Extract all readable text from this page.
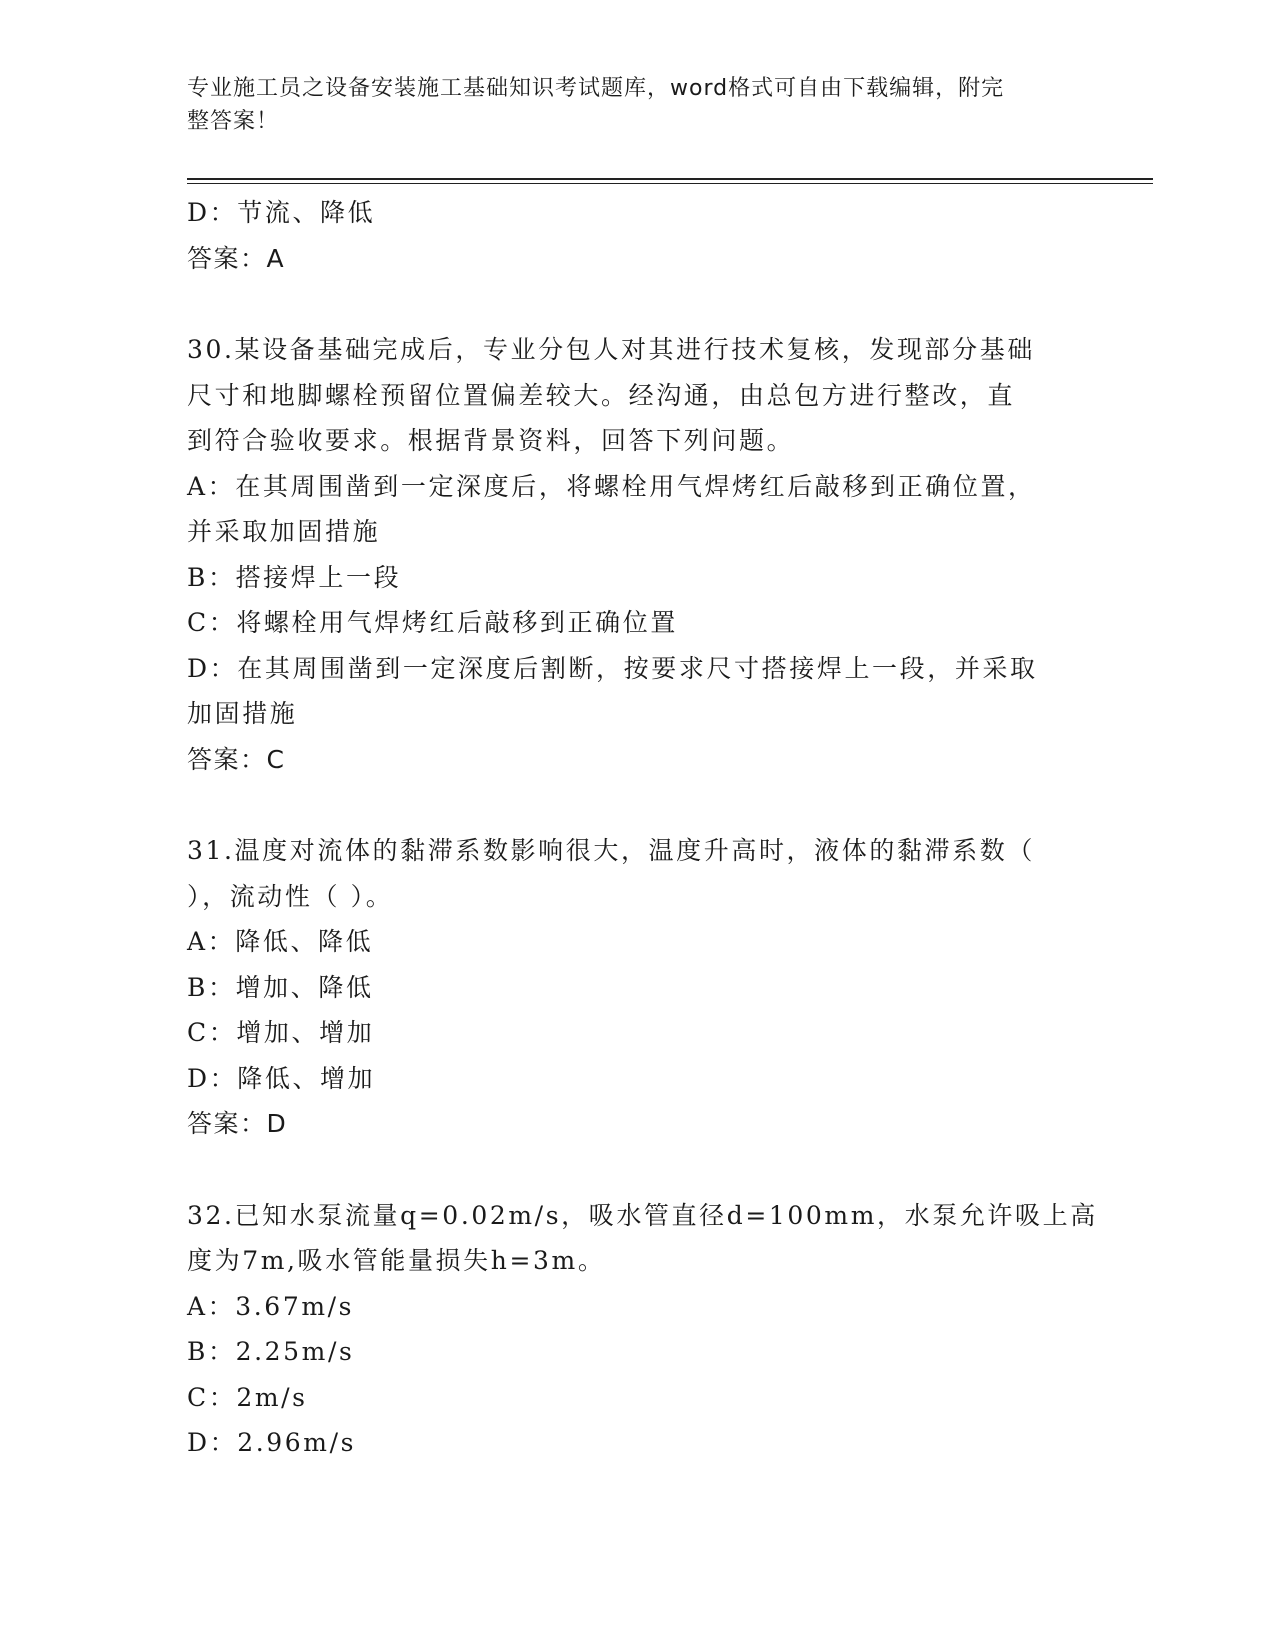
专业施工员之设备安装施工基础知识考试题库，word格式可自由下载编辑，附完
整答案！
D：节流、降低
答案：A
30.某设备基础完成后，专业分包人对其进行技术复核，发现部分基础
尺寸和地脚螺栓预留位置偏差较大。经沟通，由总包方进行整改，直
到符合验收要求。根据背景资料，回答下列问题。
A：在其周围凿到一定深度后，将螺栓用气焊烤红后敲移到正确位置，
并采取加固措施
B：搭接焊上一段
C：将螺栓用气焊烤红后敲移到正确位置
D：在其周围凿到一定深度后割断，按要求尺寸搭接焊上一段，并采取
加固措施
答案：C
31.温度对流体的黏滞系数影响很大，温度升高时，液体的黏滞系数（
），流动性（ ）。
A：降低、降低
B：增加、降低
C：增加、增加
D：降低、增加
答案：D
32.已知水泵流量q=0.02m/s，吸水管直径d=100mm，水泵允许吸上高
度为7m,吸水管能量损失h=3m。
A：3.67m/s
B：2.25m/s
C：2m/s
D：2.96m/s
